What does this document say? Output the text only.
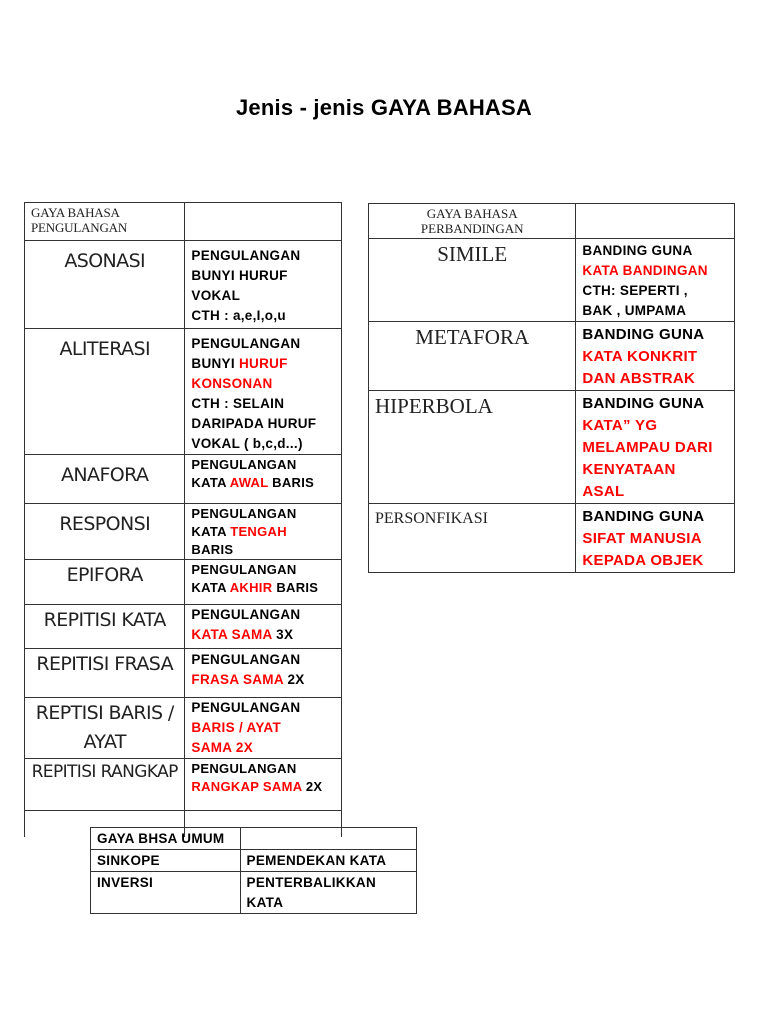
Jenis - jenis GAYA BAHASA
GAYA BAHASA
PENGULANGAN	

ASONASI	PENGULANGAN
BUNYI HURUF
VOKAL
CTH : a,e,I,o,u

ALITERASI	PENGULANGAN
BUNYI HURUF
KONSONAN
CTH : SELAIN
DARIPADA HURUF
VOKAL ( b,c,d...)

ANAFORA	PENGULANGAN
KATA AWAL BARIS

RESPONSI	PENGULANGAN
KATA TENGAH
BARIS

EPIFORA	PENGULANGAN
KATA AKHIR BARIS

REPITISI KATA	PENGULANGAN
KATA SAMA 3X

REPITISI FRASA	PENGULANGAN
FRASA SAMA 2X

REPTISI BARIS / AYAT	PENGULANGAN
BARIS / AYAT
SAMA 2X

REPITISI RANGKAP	PENGULANGAN
RANGKAP SAMA 2X

GAYA BAHASA
PERBANDINGAN	

SIMILE	BANDING GUNA
KATA BANDINGAN
CTH: SEPERTI ,
BAK , UMPAMA

METAFORA	BANDING GUNA
KATA KONKRIT
DAN ABSTRAK

HIPERBOLA	BANDING GUNA
KATA” YG
MELAMPAU DARI
KENYATAAN
ASAL

PERSONFIKASI	BANDING GUNA
SIFAT MANUSIA
KEPADA OBJEK
GAYA BHSA UMUM	
SINKOPE	PEMENDEKAN KATA
INVERSI	PENTERBALIKKAN KATA
